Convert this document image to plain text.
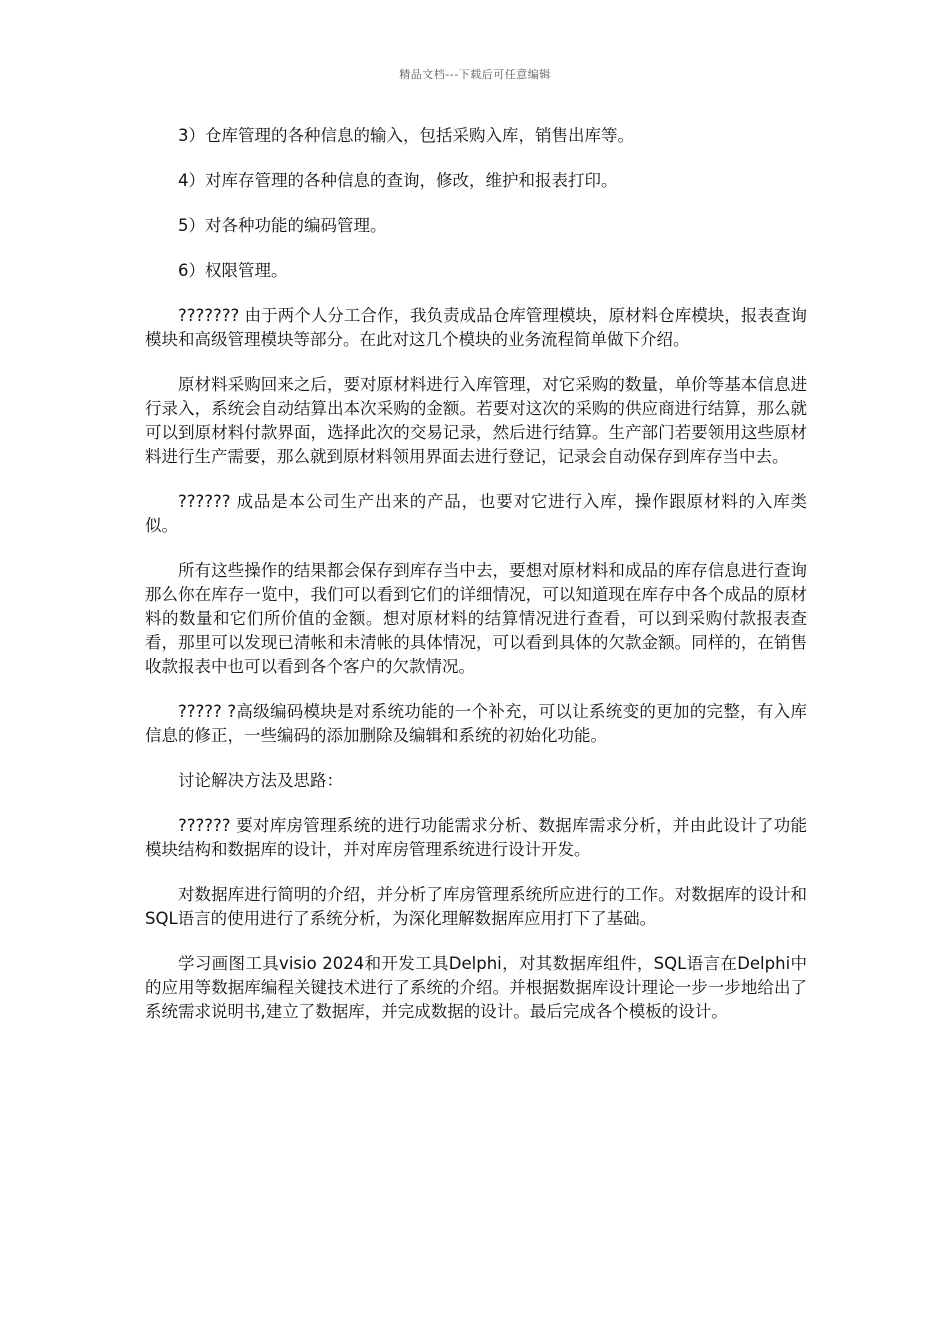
精品文档---下载后可任意编辑

3）仓库管理的各种信息的输入，包括采购入库，销售出库等。

4）对库存管理的各种信息的查询，修改，维护和报表打印。

5）对各种功能的编码管理。

6）权限管理。

??????? 由于两个人分工合作，我负责成品仓库管理模块，原材料仓库模块，报表查询模块和高级管理模块等部分。在此对这几个模块的业务流程简单做下介绍。

原材料采购回来之后，要对原材料进行入库管理，对它采购的数量，单价等基本信息进行录入，系统会自动结算出本次采购的金额。若要对这次的采购的供应商进行结算，那么就可以到原材料付款界面，选择此次的交易记录，然后进行结算。生产部门若要领用这些原材料进行生产需要，那么就到原材料领用界面去进行登记，记录会自动保存到库存当中去。

?????? 成品是本公司生产出来的产品，也要对它进行入库，操作跟原材料的入库类似。

所有这些操作的结果都会保存到库存当中去，要想对原材料和成品的库存信息进行查询那么你在库存一览中，我们可以看到它们的详细情况，可以知道现在库存中各个成品的原材料的数量和它们所价值的金额。想对原材料的结算情况进行查看，可以到采购付款报表查看，那里可以发现已清帐和未清帐的具体情况，可以看到具体的欠款金额。同样的，在销售收款报表中也可以看到各个客户的欠款情况。

????? ?高级编码模块是对系统功能的一个补充，可以让系统变的更加的完整，有入库信息的修正，一些编码的添加删除及编辑和系统的初始化功能。

讨论解决方法及思路：

?????? 要对库房管理系统的进行功能需求分析、数据库需求分析，并由此设计了功能模块结构和数据库的设计，并对库房管理系统进行设计开发。

对数据库进行简明的介绍，并分析了库房管理系统所应进行的工作。对数据库的设计和SQL语言的使用进行了系统分析，为深化理解数据库应用打下了基础。

学习画图工具visio 2024和开发工具Delphi，对其数据库组件，SQL语言在Delphi中的应用等数据库编程关键技术进行了系统的介绍。并根据数据库设计理论一步一步地给出了系统需求说明书,建立了数据库，并完成数据的设计。最后完成各个模板的设计。
